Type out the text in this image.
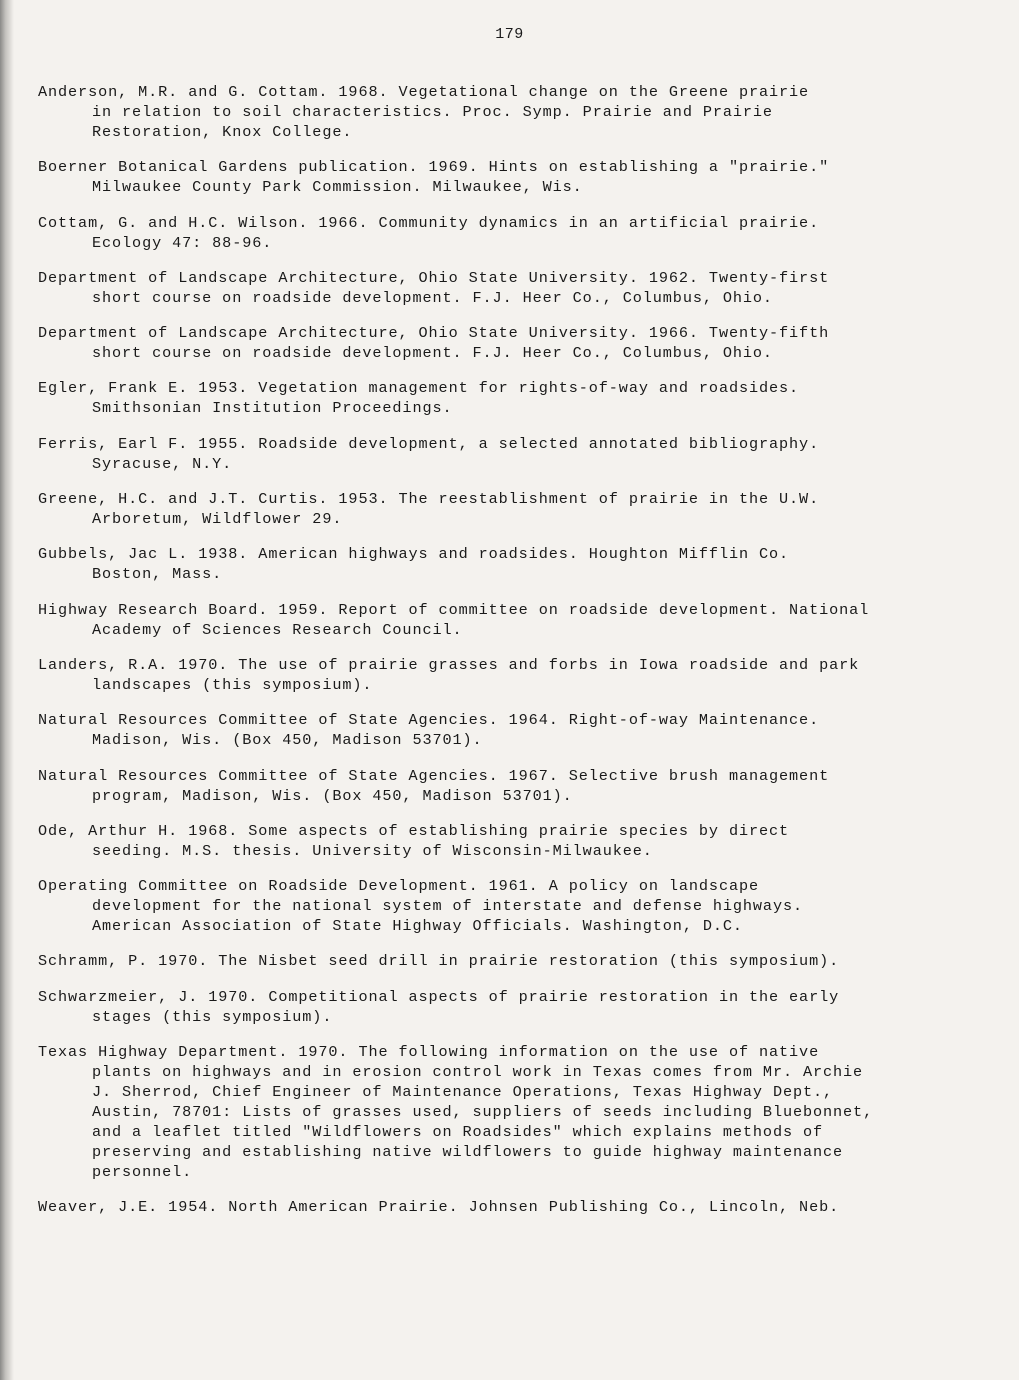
179
Anderson, M.R. and G. Cottam. 1968. Vegetational change on the Greene prairie
in relation to soil characteristics. Proc. Symp. Prairie and Prairie
Restoration, Knox College.
Boerner Botanical Gardens publication. 1969. Hints on establishing a "prairie."
Milwaukee County Park Commission. Milwaukee, Wis.
Cottam, G. and H.C. Wilson. 1966. Community dynamics in an artificial prairie.
Ecology 47: 88-96.
Department of Landscape Architecture, Ohio State University. 1962. Twenty-first
short course on roadside development. F.J. Heer Co., Columbus, Ohio.
Department of Landscape Architecture, Ohio State University. 1966. Twenty-fifth
short course on roadside development. F.J. Heer Co., Columbus, Ohio.
Egler, Frank E. 1953. Vegetation management for rights-of-way and roadsides.
Smithsonian Institution Proceedings.
Ferris, Earl F. 1955. Roadside development, a selected annotated bibliography.
Syracuse, N.Y.
Greene, H.C. and J.T. Curtis. 1953. The reestablishment of prairie in the U.W.
Arboretum, Wildflower 29.
Gubbels, Jac L. 1938. American highways and roadsides. Houghton Mifflin Co.
Boston, Mass.
Highway Research Board. 1959. Report of committee on roadside development. National
Academy of Sciences Research Council.
Landers, R.A. 1970. The use of prairie grasses and forbs in Iowa roadside and park
landscapes (this symposium).
Natural Resources Committee of State Agencies. 1964. Right-of-way Maintenance.
Madison, Wis. (Box 450, Madison 53701).
Natural Resources Committee of State Agencies. 1967. Selective brush management
program, Madison, Wis. (Box 450, Madison 53701).
Ode, Arthur H. 1968. Some aspects of establishing prairie species by direct
seeding. M.S. thesis. University of Wisconsin-Milwaukee.
Operating Committee on Roadside Development. 1961. A policy on landscape
development for the national system of interstate and defense highways.
American Association of State Highway Officials. Washington, D.C.
Schramm, P. 1970. The Nisbet seed drill in prairie restoration (this symposium).
Schwarzmeier, J. 1970. Competitional aspects of prairie restoration in the early
stages (this symposium).
Texas Highway Department. 1970. The following information on the use of native
plants on highways and in erosion control work in Texas comes from Mr. Archie
J. Sherrod, Chief Engineer of Maintenance Operations, Texas Highway Dept.,
Austin, 78701: Lists of grasses used, suppliers of seeds including Bluebonnet,
and a leaflet titled "Wildflowers on Roadsides" which explains methods of
preserving and establishing native wildflowers to guide highway maintenance
personnel.
Weaver, J.E. 1954. North American Prairie. Johnsen Publishing Co., Lincoln, Neb.
